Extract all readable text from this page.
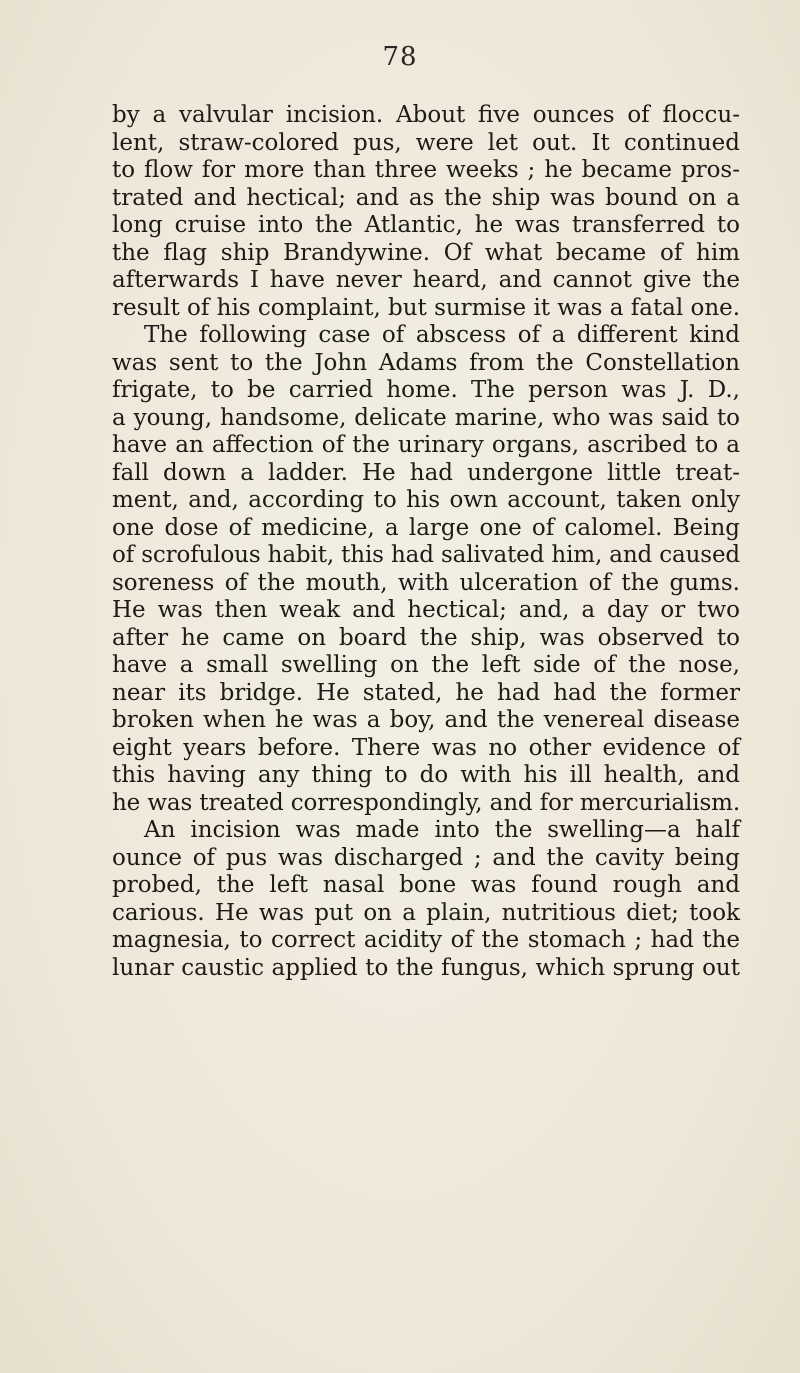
78
by a valvular incision. About five ounces of floccu-
lent, straw-colored pus, were let out. It continued
to flow for more than three weeks ; he became pros-
trated and hectical; and as the ship was bound on a
long cruise into the Atlantic, he was transferred to
the flag ship Brandywine. Of what became of him
afterwards I have never heard, and cannot give the
result of his complaint, but surmise it was a fatal one.
The following case of abscess of a different kind
was sent to the John Adams from the Constellation
frigate, to be carried home. The person was J. D.,
a young, handsome, delicate marine, who was said to
have an affection of the urinary organs, ascribed to a
fall down a ladder. He had undergone little treat-
ment, and, according to his own account, taken only
one dose of medicine, a large one of calomel. Being
of scrofulous habit, this had salivated him, and caused
soreness of the mouth, with ulceration of the gums.
He was then weak and hectical; and, a day or two
after he came on board the ship, was observed to
have a small swelling on the left side of the nose,
near its bridge. He stated, he had had the former
broken when he was a boy, and the venereal disease
eight years before. There was no other evidence of
this having any thing to do with his ill health, and
he was treated correspondingly, and for mercurialism.
An incision was made into the swelling—a half
ounce of pus was discharged ; and the cavity being
probed, the left nasal bone was found rough and
carious. He was put on a plain, nutritious diet; took
magnesia, to correct acidity of the stomach ; had the
lunar caustic applied to the fungus, which sprung out
